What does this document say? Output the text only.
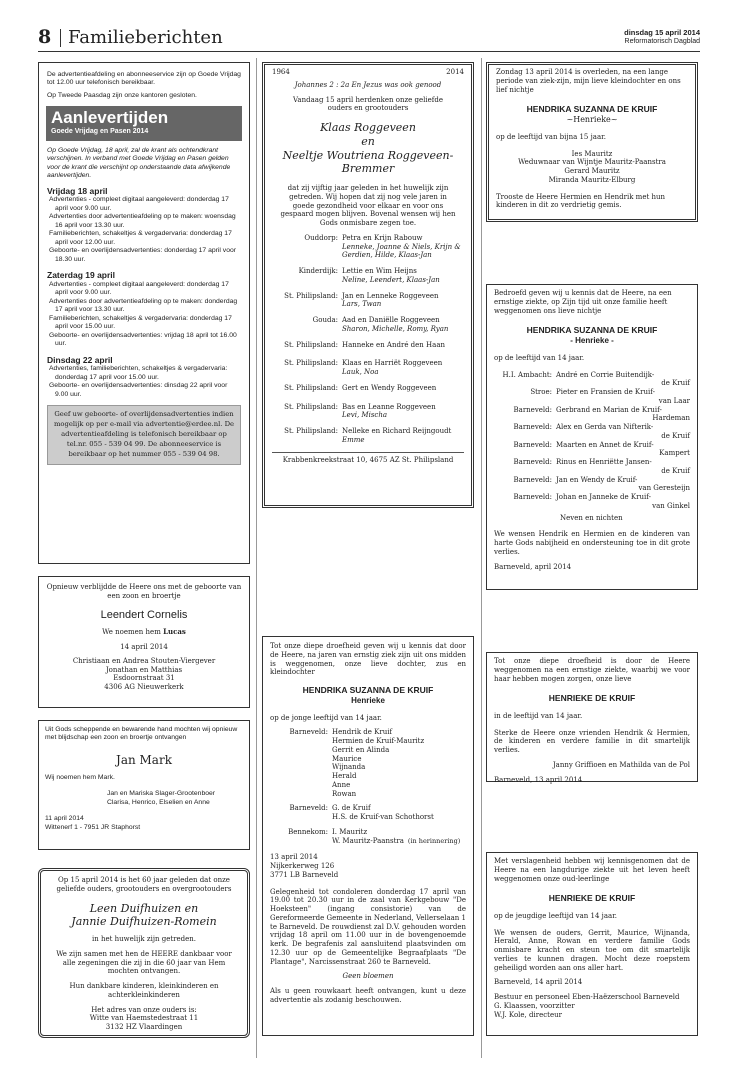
8 Familieberichten	dinsdag 15 april 2014
Reformatorisch Dagblad

De advertentieafdeling en abonneeservice zijn op Goede Vrijdag tot 12.00 uur telefonisch bereikbaar.

Op Tweede Paasdag zijn onze kantoren gesloten.

Aanlevertijden
Goede Vrijdag en Pasen 2014

Op Goede Vrijdag, 18 april, zal de krant als ochtendkrant verschijnen. In verband met Goede Vrijdag en Pasen gelden voor de krant die verschijnt op onderstaande data afwijkende aanlevertijden.

Vrijdag 18 april
Advertenties - compleet digitaal aangeleverd: donderdag 17 april voor 9.00 uur.
Advertenties door advertentieafdeling op te maken: woensdag 16 april voor 13.30 uur.
Familieberichten, schakeltjes & vergadervaria: donderdag 17 april voor 12.00 uur.
Geboorte- en overlijdensadvertenties: donderdag 17 april voor 18.30 uur.
Zaterdag 19 april
Advertenties - compleet digitaal aangeleverd: donderdag 17 april voor 9.00 uur.
Advertenties door advertentieafdeling op te maken: donderdag 17 april voor 13.30 uur.
Familieberichten, schakeltjes & vergadervaria: donderdag 17 april voor 15.00 uur.
Geboorte- en overlijdensadvertenties: vrijdag 18 april tot 16.00 uur.
Dinsdag 22 april
Advertenties, familieberichten, schakeltjes & vergadervaria: donderdag 17 april voor 15.00 uur.
Geboorte- en overlijdensadvertenties: dinsdag 22 april voor 9.00 uur.

Geef uw geboorte- of overlijdensadvertenties indien mogelijk op per e-mail via advertentie@erdee.nl. De advertentieafdeling is telefonisch bereikbaar op tel.nr. 055 - 539 04 99. De abonneeservice is bereikbaar op het nummer 055 - 539 04 98.

Opnieuw verblijdde de Heere ons met de geboorte van een zoon en broertje

Leendert Cornelis

We noemen hem Lucas

14 april 2014

Christiaan en Andrea Stouten-Viergever

Jonathan en Matthias

Esdoornstraat 31

4306 AG Nieuwerkerk

Uit Gods scheppende en bewarende hand mochten wij opnieuw met blijdschap een zoon en broertje ontvangen

Jan Mark

Wij noemen hem Mark.

Jan en Mariska Slager-Grootenboer

Clarisa, Henrico, Elselien en Anne

11 april 2014

Wittenerf 1 - 7951 JR Staphorst

Op 15 april 2014 is het 60 jaar geleden dat onze geliefde ouders, grootouders en overgrootouders

Leen Duifhuizen en

Jannie Duifhuizen-Romein

in het huwelijk zijn getreden.

We zijn samen met hen de HEERE dankbaar voor alle zegeningen die zij in die 60 jaar van Hem mochten ontvangen.

Hun dankbare kinderen, kleinkinderen en achterkleinkinderen

Het adres van onze ouders is:

Witte van Haemstedestraat 11

3132 HZ Vlaardingen

1964	2014

Johannes 2 : 2a En Jezus was ook genood

Vandaag 15 april herdenken onze geliefde ouders en grootouders

Klaas Roggeveen

en

Neeltje Woutriena Roggeveen-Bremmer

dat zij vijftig jaar geleden in het huwelijk zijn getreden. Wij hopen dat zij nog vele jaren in goede gezondheid voor elkaar en voor ons gespaard mogen blijven. Bovenal wensen wij hen Gods onmisbare zegen toe.

Ouddorp: Petra en Krijn Rabouw
Lenneke, Joanne & Niels, Krijn & Gerdien, Hilde, Klaas-Jan
Kinderdijk: Lettie en Wim Heijns
Neline, Leendert, Klaas-Jan
St. Philipsland: Jan en Lenneke Roggeveen
Lars, Twan
Gouda: Aad en Daniëlle Roggeveen
Sharon, Michelle, Romy, Ryan
St. Philipsland: Hanneke en André den Haan
St. Philipsland: Klaas en Harriët Roggeveen
Lauk, Noa
St. Philipsland: Gert en Wendy Roggeveen
St. Philipsland: Bas en Leanne Roggeveen
Levi, Mischa
St. Philipsland: Nelleke en Richard Reijngoudt
Emme

Krabbenkreekstraat 10, 4675 AZ St. Philipsland

Tot onze diepe droefheid geven wij u kennis dat door de Heere, na jaren van ernstig ziek zijn uit ons midden is weggenomen, onze lieve dochter, zus en kleindochter

HENDRIKA SUZANNA DE KRUIF

Henrieke

op de jonge leeftijd van 14 jaar.

Barneveld: Hendrik de Kruif
Hermien de Kruif-Mauritz
Gerrit en Alinda
Maurice
Wijnanda
Herald
Anne
Rowan
Barneveld: G. de Kruif
H.S. de Kruif-van Schothorst
Bennekom: I. Mauritz
W. Mauritz-Paanstra (in herinnering)

13 april 2014

Nijkerkerweg 126

3771 LB Barneveld

Gelegenheid tot condoleren donderdag 17 april van 19.00 tot 20.30 uur in de zaal van Kerkgebouw "De Hoeksteen" (ingang consistorie) van de Gereformeerde Gemeente in Nederland, Vellerselaan 1 te Barneveld. De rouwdienst zal D.V. gehouden worden vrijdag 18 april om 11.00 uur in de bovengenoemde kerk. De begrafenis zal aansluitend plaatsvinden om 12.30 uur op de Gemeentelijke Begraafplaats "De Plantage", Narcissenstraat 260 te Barneveld.

Geen bloemen

Als u geen rouwkaart heeft ontvangen, kunt u deze advertentie als zodanig beschouwen.

Zondag 13 april 2014 is overleden, na een lange periode van ziek-zijn, mijn lieve kleindochter en ons lief nichtje

HENDRIKA SUZANNA DE KRUIF

~Henrieke~

op de leeftijd van bijna 15 jaar.

Ies Mauritz
Weduwnaar van Wijntje Mauritz-Paanstra
Gerard Mauritz
Miranda Mauritz-Elburg

Trooste de Heere Hermien en Hendrik met hun kinderen in dit zo verdrietig gemis.

Bedroefd geven wij u kennis dat de Heere, na een ernstige ziekte, op Zijn tijd uit onze familie heeft weggenomen ons lieve nichtje

HENDRIKA SUZANNA DE KRUIF

- Henrieke -

op de leeftijd van 14 jaar.

H.I. Ambacht: André en Corrie Buitendijk-
de Kruif
Stroe: Pieter en Fransien de Kruif-
van Laar
Barneveld: Gerbrand en Marian de Kruif-
Hardeman
Barneveld: Alex en Gerda van Nifterik-
de Kruif
Barneveld: Maarten en Annet de Kruif-
Kampert
Barneveld: Rinus en Henriëtte Jansen-
de Kruif
Barneveld: Jan en Wendy de Kruif-
van Geresteijn
Barneveld: Johan en Janneke de Kruif-
van Ginkel

Neven en nichten

We wensen Hendrik en Hermien en de kinderen van harte Gods nabijheid en ondersteuning toe in dit grote verlies.

Barneveld, april 2014

Tot onze diepe droefheid is door de Heere weggenomen na een ernstige ziekte, waarbij we voor haar hebben mogen zorgen, onze lieve

HENRIEKE DE KRUIF

in de leeftijd van 14 jaar.

Sterke de Heere onze vrienden Hendrik & Hermien, de kinderen en verdere familie in dit smartelijk verlies.

Janny Griffioen en Mathilda van de Pol

Barneveld, 13 april 2014

Met verslagenheid hebben wij kennisgenomen dat de Heere na een langdurige ziekte uit het leven heeft weggenomen onze oud-leerlinge

HENRIEKE DE KRUIF

op de jeugdige leeftijd van 14 jaar.

We wensen de ouders, Gerrit, Maurice, Wijnanda, Herald, Anne, Rowan en verdere familie Gods onmisbare kracht en steun toe om dit smartelijk verlies te kunnen dragen. Mocht deze roepstem geheiligd worden aan ons aller hart.

Barneveld, 14 april 2014

Bestuur en personeel Eben-Haëzerschool Barneveld

G. Klaassen, voorzitter

W.J. Kole, directeur
